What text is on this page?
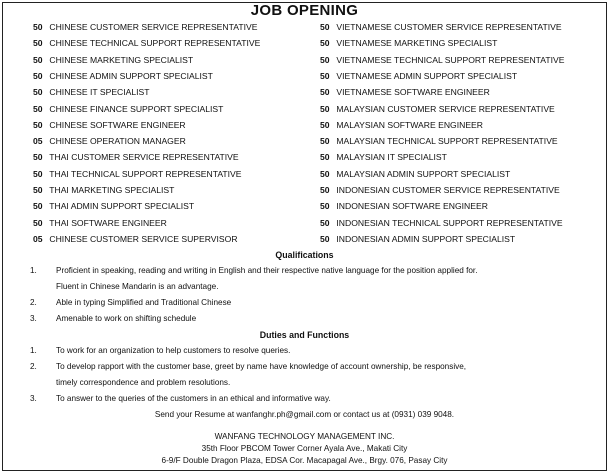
JOB OPENING
50 CHINESE CUSTOMER SERVICE REPRESENTATIVE
50 CHINESE TECHNICAL SUPPORT REPRESENTATIVE
50 CHINESE MARKETING SPECIALIST
50 CHINESE ADMIN SUPPORT SPECIALIST
50 CHINESE IT SPECIALIST
50 CHINESE FINANCE SUPPORT SPECIALIST
50 CHINESE SOFTWARE ENGINEER
05 CHINESE OPERATION MANAGER
50 THAI CUSTOMER SERVICE REPRESENTATIVE
50 THAI TECHNICAL SUPPORT REPRESENTATIVE
50 THAI MARKETING SPECIALIST
50 THAI ADMIN SUPPORT SPECIALIST
50 THAI SOFTWARE ENGINEER
05 CHINESE CUSTOMER SERVICE SUPERVISOR
50 VIETNAMESE CUSTOMER SERVICE REPRESENTATIVE
50 VIETNAMESE MARKETING SPECIALIST
50 VIETNAMESE TECHNICAL SUPPORT REPRESENTATIVE
50 VIETNAMESE ADMIN SUPPORT SPECIALIST
50 VIETNAMESE SOFTWARE ENGINEER
50 MALAYSIAN CUSTOMER SERVICE REPRESENTATIVE
50 MALAYSIAN SOFTWARE ENGINEER
50 MALAYSIAN TECHNICAL SUPPORT REPRESENTATIVE
50 MALAYSIAN IT SPECIALIST
50 MALAYSIAN ADMIN SUPPORT SPECIALIST
50 INDONESIAN CUSTOMER SERVICE REPRESENTATIVE
50 INDONESIAN SOFTWARE ENGINEER
50 INDONESIAN TECHNICAL SUPPORT REPRESENTATIVE
50 INDONESIAN ADMIN SUPPORT SPECIALIST
Qualifications
1. Proficient in speaking, reading and writing in English and their respective native language for the position applied for.
Fluent in Chinese Mandarin is an advantage.
2. Able in typing Simplified and Traditional Chinese
3. Amenable to work on shifting schedule
Duties and Functions
1. To work for an organization to help customers to resolve queries.
2. To develop rapport with the customer base, greet by name have knowledge of account ownership, be responsive,
timely correspondence and problem resolutions.
3. To answer to the queries of the customers in an ethical and informative way.
Send your Resume at wanfanghr.ph@gmail.com or contact us at (0931) 039 9048.
WANFANG TECHNOLOGY MANAGEMENT INC.
35th Floor PBCOM Tower Corner Ayala Ave., Makati City
6-9/F Double Dragon Plaza, EDSA Cor. Macapagal Ave., Brgy. 076, Pasay City
